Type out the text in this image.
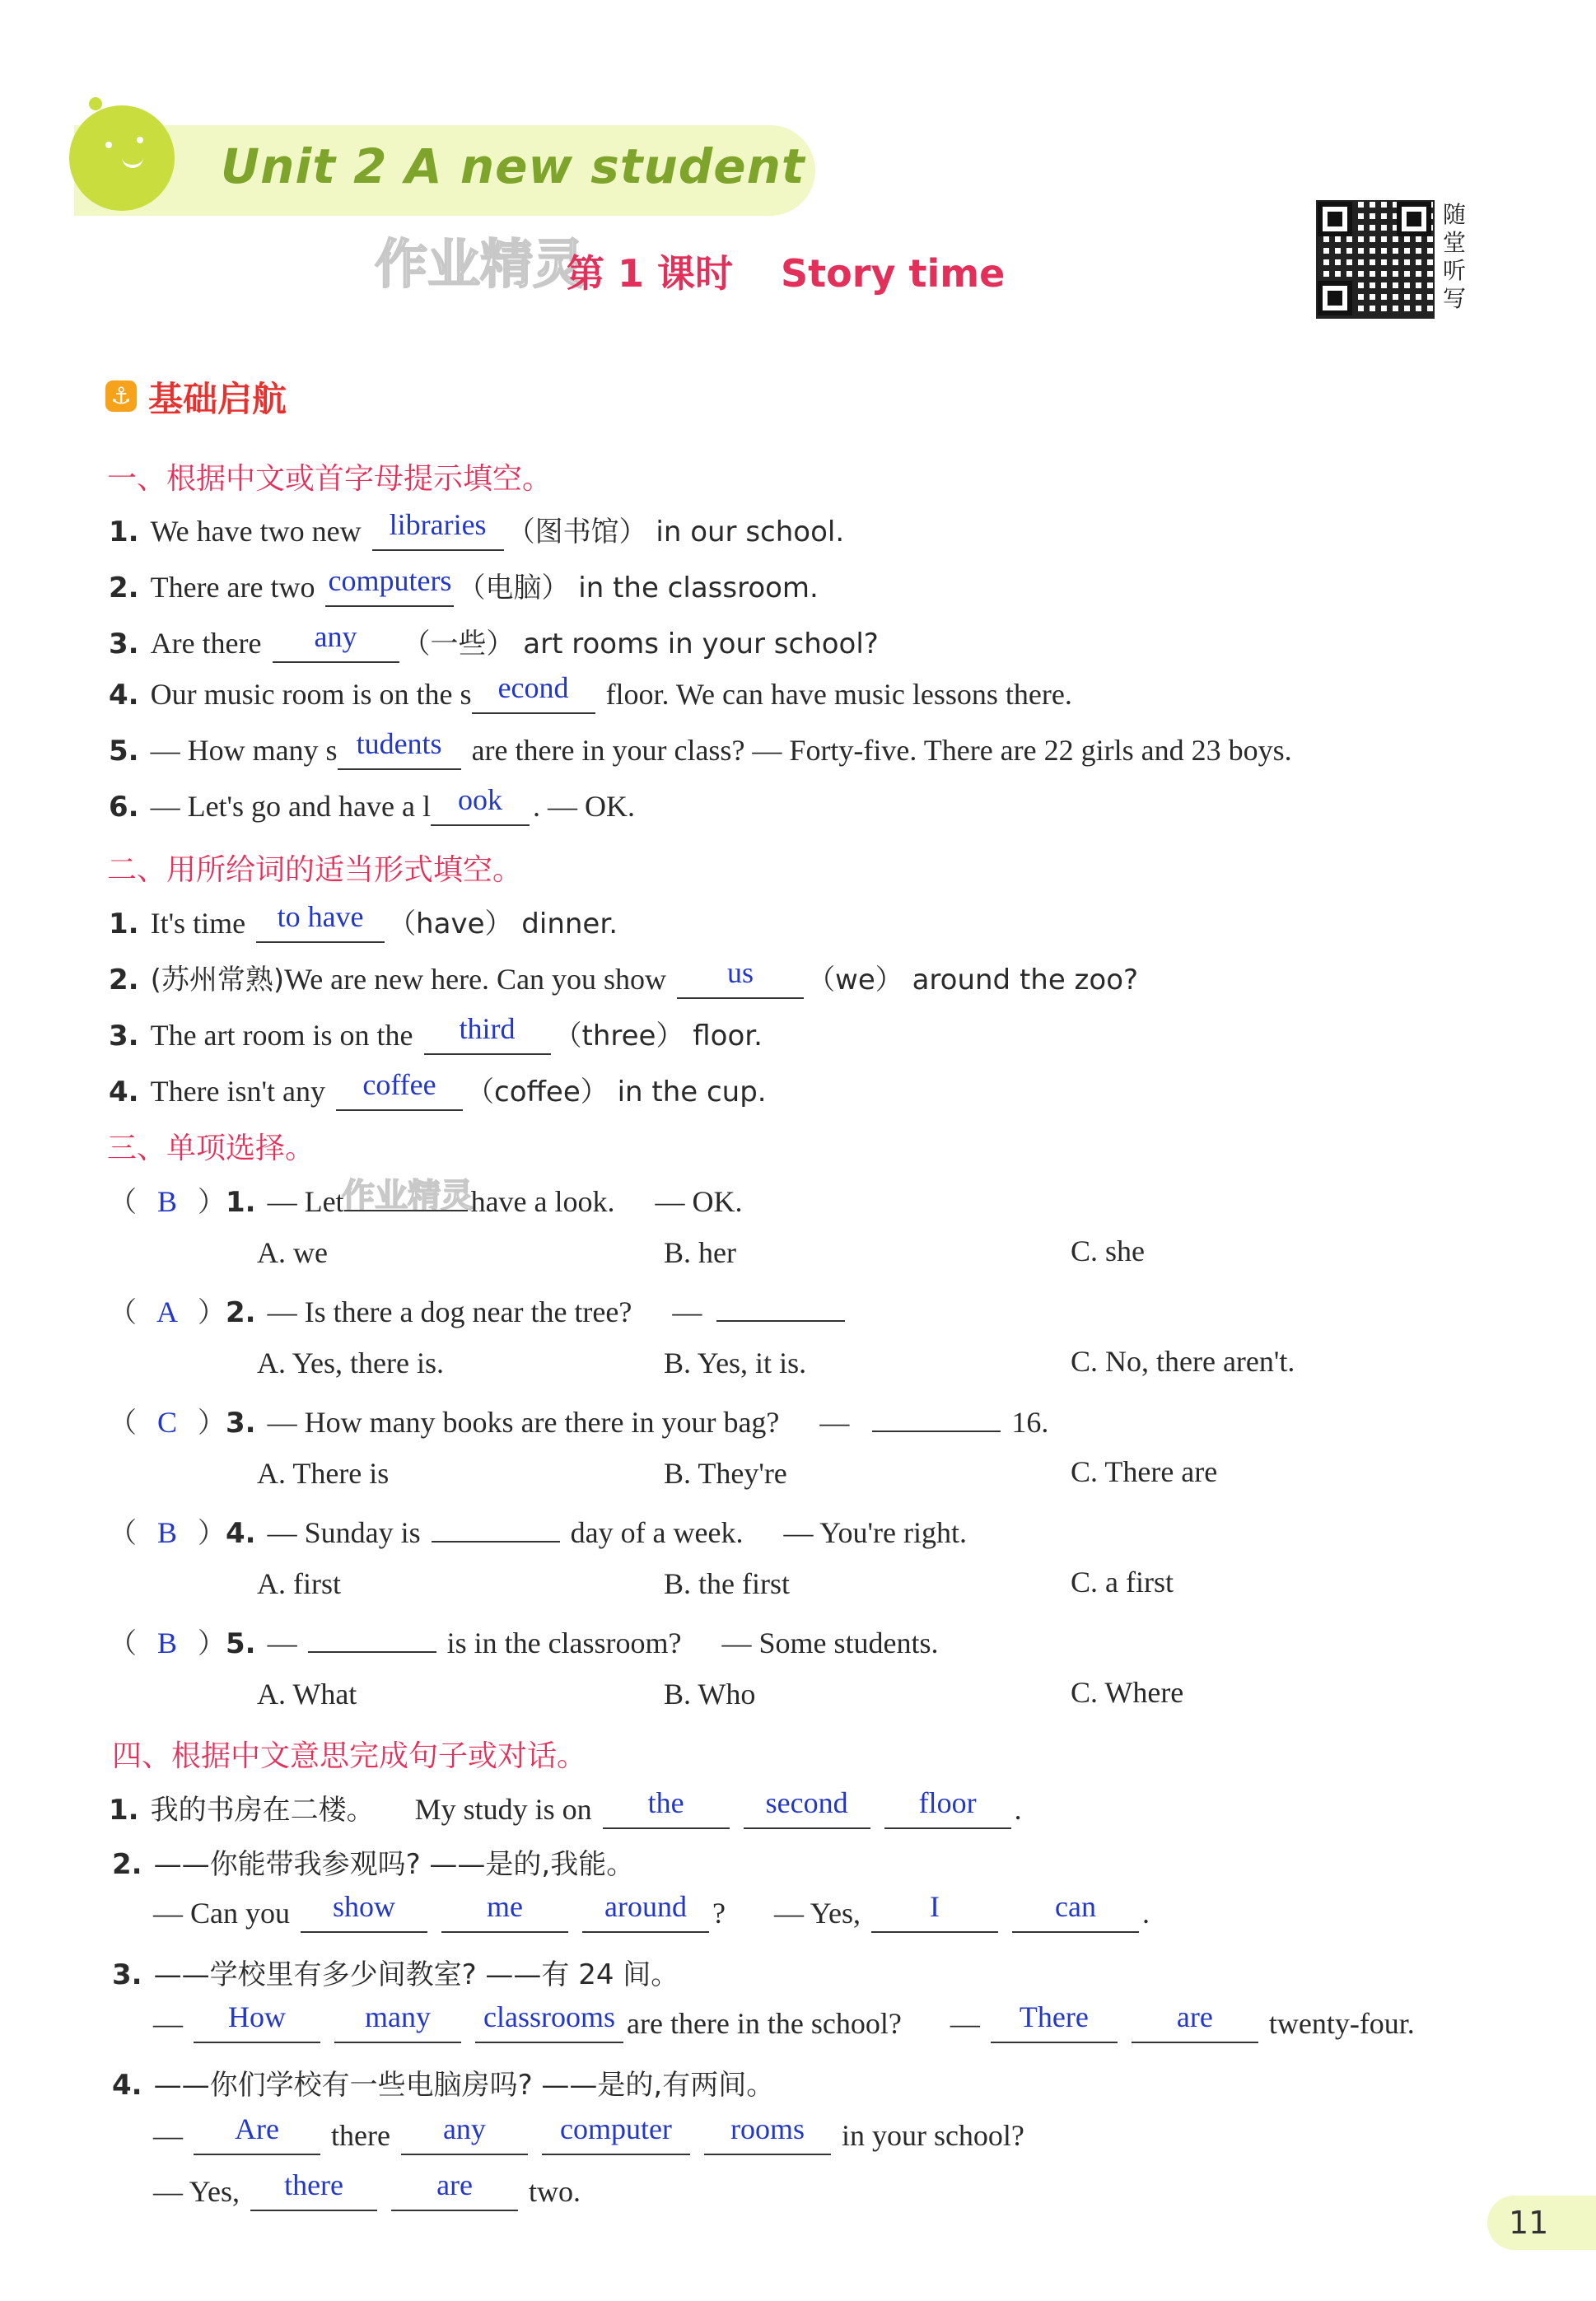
Unit 2 A new student
作业精灵
第 1 课时 Story time
随堂听写
⚓ 基础启航
一、根据中文或首字母提示填空。
1. We have two new libraries （图书馆） in our school.
2. There are two computers （电脑） in the classroom.
3. Are there any （一些） art rooms in your school?
4. Our music room is on the s econd floor. We can have music lessons there.
5. — How many s tudents are there in your class? — Forty-five. There are 22 girls and 23 boys.
6. — Let's go and have a l ook . — OK.
二、用所给词的适当形式填空。
1. It's time to have （have） dinner.
2. (苏州常熟)We are new here. Can you show us （we） around the zoo?
3. The art room is on the third （three） floor.
4. There isn't any coffee （coffee） in the cup.
三、单项选择。
作业精灵
（ B ）1. — Let	have a look. — OK.
A. we	B. her	C. she
（ A ）2. — Is there a dog near the tree? —
A. Yes, there is.	B. Yes, it is.	C. No, there aren't.
（ C ）3. — How many books are there in your bag? —	16.
A. There is	B. They're	C. There are
（ B ）4. — Sunday is	day of a week. — You're right.
A. first	B. the first	C. a first
（ B ）5. —	is in the classroom? — Some students.
A. What	B. Who	C. Where
四、根据中文意思完成句子或对话。
1. 我的书房在二楼。 My study is on the	second floor .
2. ——你能带我参观吗? ——是的,我能。
— Can you show	me	around ? — Yes, I	can .
3. ——学校里有多少间教室? ——有 24 间。
— How	many classrooms are there in the school? — There	are twenty-four.
4. ——你们学校有一些电脑房吗? ——是的,有两间。
— Are there any	computer rooms in your school?
— Yes, there	are two.
11
